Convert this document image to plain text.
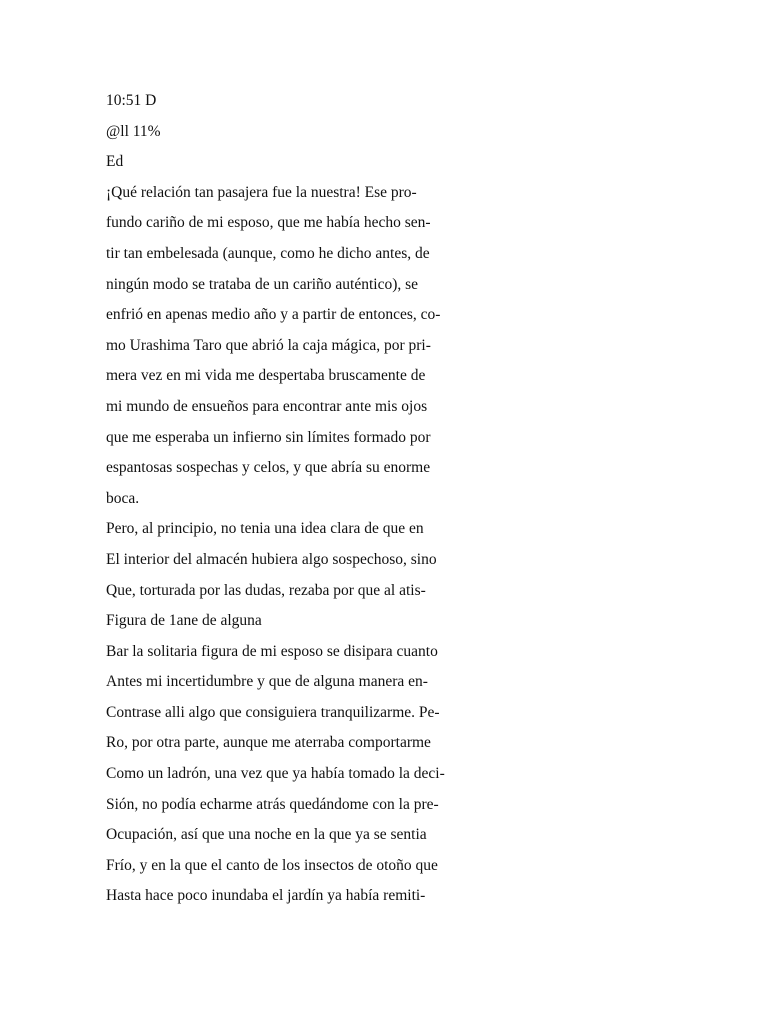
10:51 D
@ll 11%
Ed
¡Qué relación tan pasajera fue la nuestra! Ese pro-
fundo cariño de mi esposo, que me había hecho sen-
tir tan embelesada (aunque, como he dicho antes, de
ningún modo se trataba de un cariño auténtico), se
enfrió en apenas medio año y a partir de entonces, co-
mo Urashima Taro que abrió la caja mágica, por pri-
mera vez en mi vida me despertaba bruscamente de
mi mundo de ensueños para encontrar ante mis ojos
que me esperaba un infierno sin límites formado por
espantosas sospechas y celos, y que abría su enorme
boca.
Pero, al principio, no tenia una idea clara de que en
El interior del almacén hubiera algo sospechoso, sino
Que, torturada por las dudas, rezaba por que al atis-
Figura de 1ane de alguna
Bar la solitaria figura de mi esposo se disipara cuanto
Antes mi incertidumbre y que de alguna manera en-
Contrase alli algo que consiguiera tranquilizarme. Pe-
Ro, por otra parte, aunque me aterraba comportarme
Como un ladrón, una vez que ya había tomado la deci-
Sión, no podía echarme atrás quedándome con la pre-
Ocupación, así que una noche en la que ya se sentia
Frío, y en la que el canto de los insectos de otoño que
Hasta hace poco inundaba el jardín ya había remiti-
